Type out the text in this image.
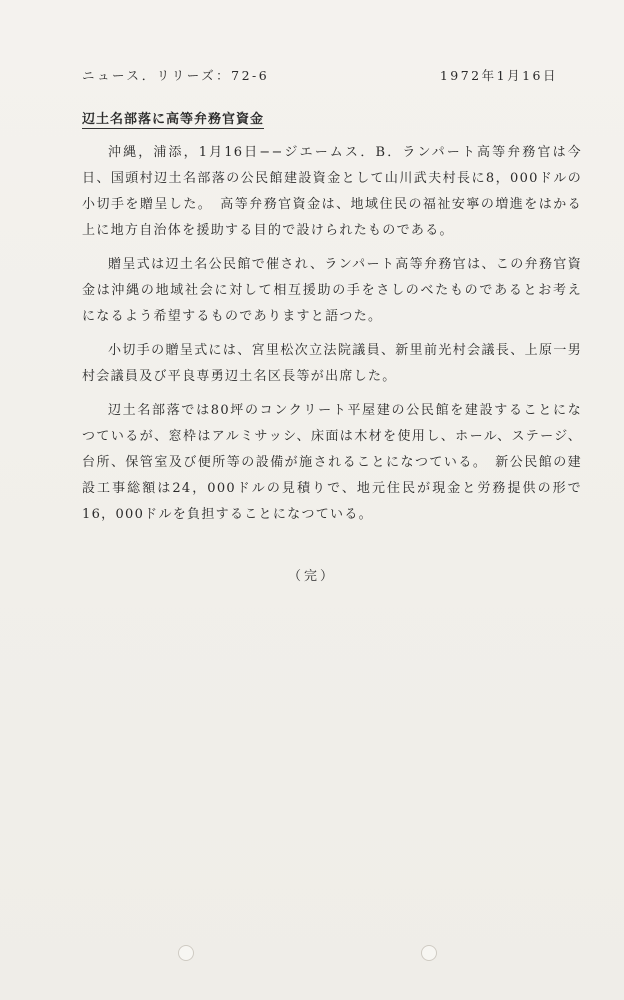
ニュース．リリーズ：72-6	1972年1月16日
辺土名部落に高等弁務官資金

沖縄，浦添，1月16日−−ジエームス．B．ランパート高等弁務官は今日、国頭村辺土名部落の公民館建設資金として山川武夫村長に8，000ドルの小切手を贈呈した。　高等弁務官資金は、地域住民の福祉安寧の増進をはかる上に地方自治体を援助する目的で設けられたものである。

贈呈式は辺土名公民館で催され、ランパート高等弁務官は、この弁務官資金は沖縄の地域社会に対して相互援助の手をさしのべたものであるとお考えになるよう希望するものでありますと語つた。

小切手の贈呈式には、宮里松次立法院議員、新里前光村会議長、上原一男村会議員及び平良専勇辺土名区長等が出席した。

辺土名部落では80坪のコンクリート平屋建の公民館を建設することになつているが、窓枠はアルミサッシ、床面は木材を使用し、ホール、ステージ、台所、保管室及び便所等の設備が施されることになつている。　新公民館の建設工事総額は24，000ドルの見積りで、地元住民が現金と労務提供の形で16，000ドルを負担することになつている。

（完）
